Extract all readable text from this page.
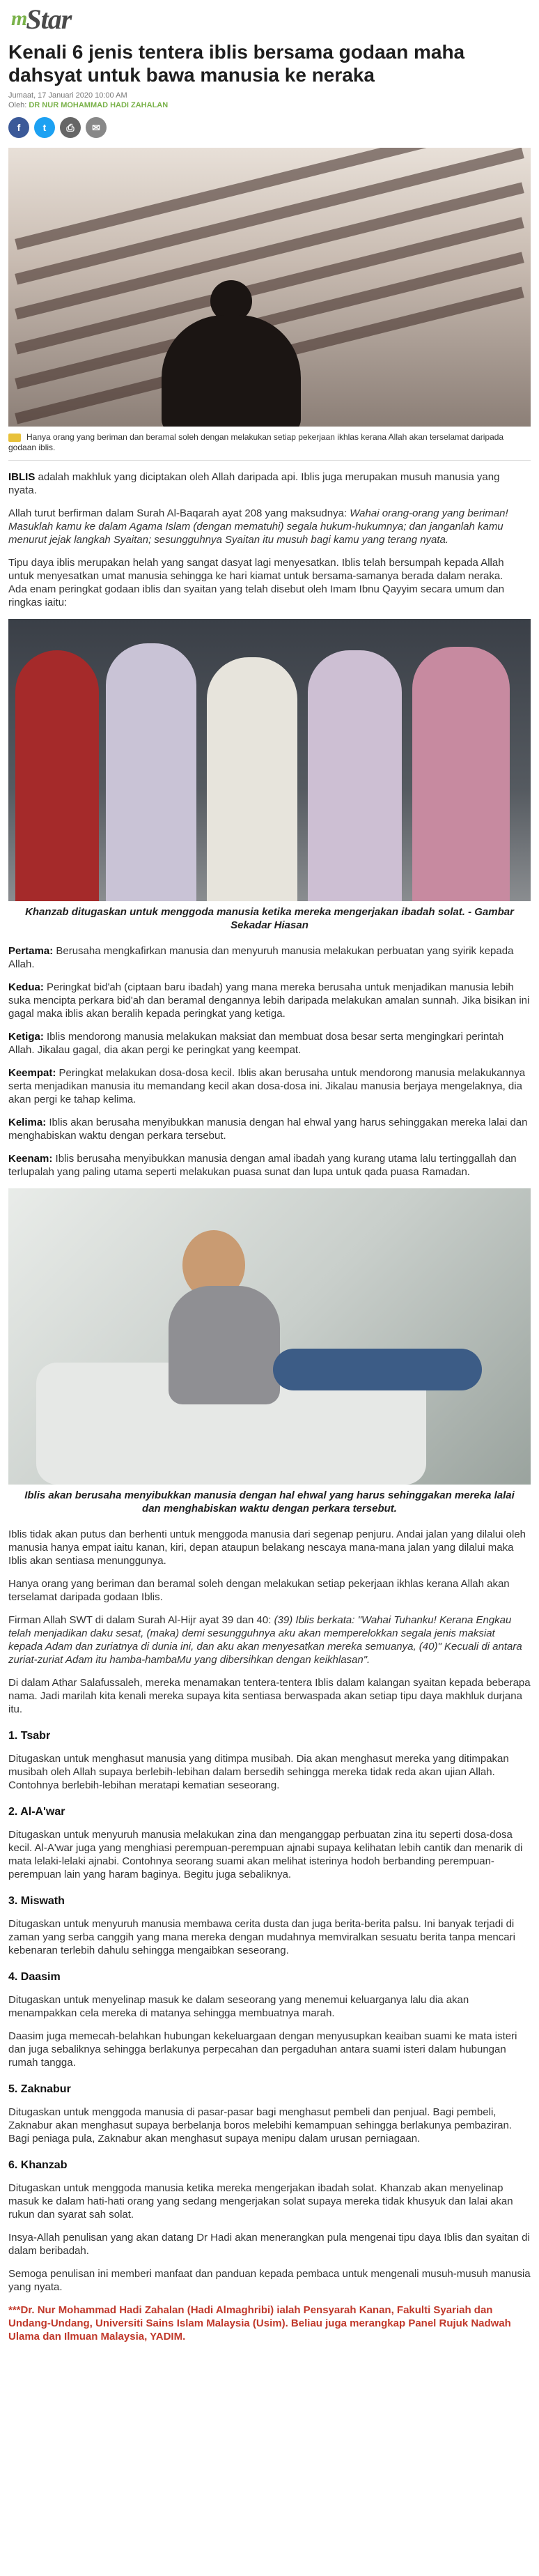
m
Star
Kenali 6 jenis tentera iblis bersama godaan maha dahsyat untuk bawa manusia ke neraka
Jumaat, 17 Januari 2020 10:00 AM
Oleh: DR NUR MOHAMMAD HADI ZAHALAN
f	t	⎙	✉
Hanya orang yang beriman dan beramal soleh dengan melakukan setiap pekerjaan ikhlas kerana Allah akan terselamat daripada godaan iblis.

IBLIS adalah makhluk yang diciptakan oleh Allah daripada api. Iblis juga merupakan musuh manusia yang nyata.

Allah turut berfirman dalam Surah Al-Baqarah ayat 208 yang maksudnya: Wahai orang-orang yang beriman! Masuklah kamu ke dalam Agama Islam (dengan mematuhi) segala hukum-hukumnya; dan janganlah kamu menurut jejak langkah Syaitan; sesungguhnya Syaitan itu musuh bagi kamu yang terang nyata.

Tipu daya iblis merupakan helah yang sangat dasyat lagi menyesatkan. Iblis telah bersumpah kepada Allah untuk menyesatkan umat manusia sehingga ke hari kiamat untuk bersama-samanya berada dalam neraka.

Ada enam peringkat godaan iblis dan syaitan yang telah disebut oleh Imam Ibnu Qayyim secara umum dan ringkas iaitu:

Khanzab ditugaskan untuk menggoda manusia ketika mereka mengerjakan ibadah solat. - Gambar Sekadar Hiasan

Pertama: Berusaha mengkafirkan manusia dan menyuruh manusia melakukan perbuatan yang syirik kepada Allah.

Kedua: Peringkat bid'ah (ciptaan baru ibadah) yang mana mereka berusaha untuk menjadikan manusia lebih suka mencipta perkara bid'ah dan beramal dengannya lebih daripada melakukan amalan sunnah. Jika bisikan ini gagal maka iblis akan beralih kepada peringkat yang ketiga.

Ketiga: Iblis mendorong manusia melakukan maksiat dan membuat dosa besar serta mengingkari perintah Allah. Jikalau gagal, dia akan pergi ke peringkat yang keempat.

Keempat: Peringkat melakukan dosa-dosa kecil. Iblis akan berusaha untuk mendorong manusia melakukannya serta menjadikan manusia itu memandang kecil akan dosa-dosa ini. Jikalau manusia berjaya mengelaknya, dia akan pergi ke tahap kelima.

Kelima: Iblis akan berusaha menyibukkan manusia dengan hal ehwal yang harus sehinggakan mereka lalai dan menghabiskan waktu dengan perkara tersebut.

Keenam: Iblis berusaha menyibukkan manusia dengan amal ibadah yang kurang utama lalu tertinggallah dan terlupalah yang paling utama seperti melakukan puasa sunat dan lupa untuk qada puasa Ramadan.

Iblis akan berusaha menyibukkan manusia dengan hal ehwal yang harus sehinggakan mereka lalai dan menghabiskan waktu dengan perkara tersebut.

Iblis tidak akan putus dan berhenti untuk menggoda manusia dari segenap penjuru. Andai jalan yang dilalui oleh manusia hanya empat iaitu kanan, kiri, depan ataupun belakang nescaya mana-mana jalan yang dilalui maka Iblis akan sentiasa menunggunya.

Hanya orang yang beriman dan beramal soleh dengan melakukan setiap pekerjaan ikhlas kerana Allah akan terselamat daripada godaan Iblis.

Firman Allah SWT di dalam Surah Al-Hijr ayat 39 dan 40: (39) Iblis berkata: "Wahai Tuhanku! Kerana Engkau telah menjadikan daku sesat, (maka) demi sesungguhnya aku akan memperelokkan segala jenis maksiat kepada Adam dan zuriatnya di dunia ini, dan aku akan menyesatkan mereka semuanya, (40)" Kecuali di antara zuriat-zuriat Adam itu hamba-hambaMu yang dibersihkan dengan keikhlasan".

Di dalam Athar Salafussaleh, mereka menamakan tentera-tentera Iblis dalam kalangan syaitan kepada beberapa nama. Jadi marilah kita kenali mereka supaya kita sentiasa berwaspada akan setiap tipu daya makhluk durjana itu.

1. Tsabr

Ditugaskan untuk menghasut manusia yang ditimpa musibah. Dia akan menghasut mereka yang ditimpakan musibah oleh Allah supaya berlebih-lebihan dalam bersedih sehingga mereka tidak reda akan ujian Allah. Contohnya berlebih-lebihan meratapi kematian seseorang.

2. Al-A'war

Ditugaskan untuk menyuruh manusia melakukan zina dan menganggap perbuatan zina itu seperti dosa-dosa kecil. Al-A'war juga yang menghiasi perempuan-perempuan ajnabi supaya kelihatan lebih cantik dan menarik di mata lelaki-lelaki ajnabi. Contohnya seorang suami akan melihat isterinya hodoh berbanding perempuan-perempuan lain yang haram baginya. Begitu juga sebaliknya.

3. Miswath

Ditugaskan untuk menyuruh manusia membawa cerita dusta dan juga berita-berita palsu. Ini banyak terjadi di zaman yang serba canggih yang mana mereka dengan mudahnya memviralkan sesuatu berita tanpa mencari kebenaran terlebih dahulu sehingga mengaibkan seseorang.

4. Daasim

Ditugaskan untuk menyelinap masuk ke dalam seseorang yang menemui keluarganya lalu dia akan menampakkan cela mereka di matanya sehingga membuatnya marah.

Daasim juga memecah-belahkan hubungan kekeluargaan dengan menyusupkan keaiban suami ke mata isteri dan juga sebaliknya sehingga berlakunya perpecahan dan pergaduhan antara suami isteri dalam hubungan rumah tangga.

5. Zaknabur

Ditugaskan untuk menggoda manusia di pasar-pasar bagi menghasut pembeli dan penjual. Bagi pembeli, Zaknabur akan menghasut supaya berbelanja boros melebihi kemampuan sehingga berlakunya pembaziran. Bagi peniaga pula, Zaknabur akan menghasut supaya menipu dalam urusan perniagaan.

6. Khanzab

Ditugaskan untuk menggoda manusia ketika mereka mengerjakan ibadah solat. Khanzab akan menyelinap masuk ke dalam hati-hati orang yang sedang mengerjakan solat supaya mereka tidak khusyuk dan lalai akan rukun dan syarat sah solat.

Insya-Allah penulisan yang akan datang Dr Hadi akan menerangkan pula mengenai tipu daya Iblis dan syaitan di dalam beribadah.

Semoga penulisan ini memberi manfaat dan panduan kepada pembaca untuk mengenali musuh-musuh manusia yang nyata.

***Dr. Nur Mohammad Hadi Zahalan (Hadi Almaghribi) ialah Pensyarah Kanan, Fakulti Syariah dan Undang-Undang, Universiti Sains Islam Malaysia (Usim). Beliau juga merangkap Panel Rujuk Nadwah Ulama dan Ilmuan Malaysia, YADIM.
